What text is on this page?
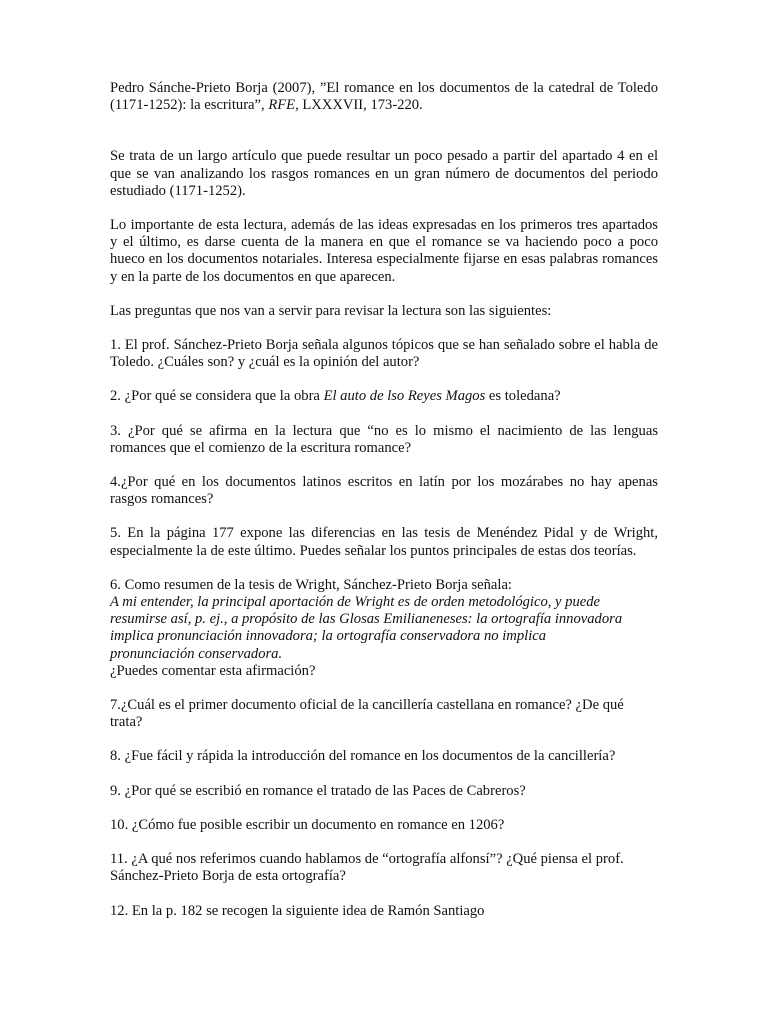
Pedro Sánche-Prieto Borja (2007), ”El romance en los documentos de la catedral de Toledo (1171-1252): la escritura”, RFE, LXXXVII, 173-220.

Se trata de un largo artículo que puede resultar un poco pesado a partir del apartado 4 en el que se van analizando los rasgos romances en un gran número de documentos del periodo estudiado (1171-1252).

Lo importante de esta lectura, además de las ideas expresadas en los primeros tres apartados y el último, es darse cuenta de la manera en que el romance se va haciendo poco a poco hueco en los documentos notariales. Interesa especialmente fijarse en esas palabras romances y en la parte de los documentos en que aparecen.

Las preguntas que nos van a servir para revisar la lectura son las siguientes:

1. El prof. Sánchez-Prieto Borja señala algunos tópicos que se han señalado sobre el habla de Toledo. ¿Cuáles son? y ¿cuál es la opinión del autor?

2. ¿Por qué se considera que la obra El auto de lso Reyes Magos es toledana?

3. ¿Por qué se afirma en la lectura que “no es lo mismo el nacimiento de las lenguas romances que el comienzo de la escritura romance?

4.¿Por qué en los documentos latinos escritos en latín por los mozárabes no hay apenas rasgos romances?

5. En la página 177 expone las diferencias en las tesis de Menéndez Pidal y de Wright, especialmente la de este último. Puedes señalar los puntos principales de estas dos teorías.

6. Como resumen de la tesis de Wright, Sánchez-Prieto Borja señala:
A mi entender, la principal aportación de Wright es de orden metodológico, y puede
resumirse así, p. ej., a propósito de las Glosas Emilianeneses: la ortografía innovadora
implica pronunciación innovadora; la ortografía conservadora no implica
pronunciación conservadora.
¿Puedes comentar esta afirmación?

7.¿Cuál es el primer documento oficial de la cancillería castellana en romance? ¿De qué trata?

8. ¿Fue fácil y rápida la introducción del romance en los documentos de la cancillería?

9. ¿Por qué se escribió en romance el tratado de las Paces de Cabreros?

10. ¿Cómo fue posible escribir un documento en romance en 1206?

11. ¿A qué nos referimos cuando hablamos de “ortografía alfonsí”? ¿Qué piensa el prof.
Sánchez-Prieto Borja de esta ortografía?

12. En la p. 182 se recogen la siguiente idea de Ramón Santiago
